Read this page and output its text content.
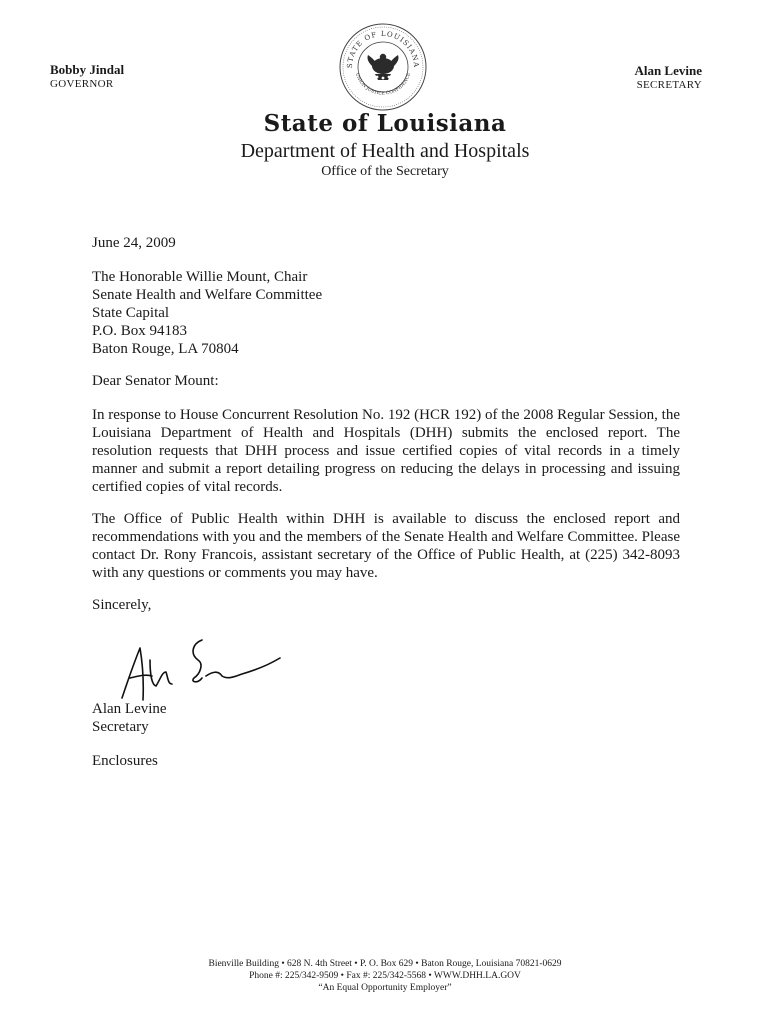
Bobby Jindal
GOVERNOR
STATE OF LOUISIANA
UNION JUSTICE CONFIDENCE	Alan Levine
SECRETARY
State of Louisiana
Department of Health and Hospitals
Office of the Secretary
June 24, 2009
The Honorable Willie Mount, Chair
Senate Health and Welfare Committee
State Capital
P.O. Box 94183
Baton Rouge, LA 70804
Dear Senator Mount:
In response to House Concurrent Resolution No. 192 (HCR 192) of the 2008 Regular Session, the Louisiana Department of Health and Hospitals (DHH) submits the enclosed report. The resolution requests that DHH process and issue certified copies of vital records in a timely manner and submit a report detailing progress on reducing the delays in processing and issuing certified copies of vital records.
The Office of Public Health within DHH is available to discuss the enclosed report and recommendations with you and the members of the Senate Health and Welfare Committee. Please contact Dr. Rony Francois, assistant secretary of the Office of Public Health, at (225) 342-8093 with any questions or comments you may have.
Sincerely,
Alan Levine
Secretary
Enclosures
Bienville Building • 628 N. 4th Street • P. O. Box 629 • Baton Rouge, Louisiana 70821-0629
Phone #: 225/342-9509 • Fax #: 225/342-5568 • WWW.DHH.LA.GOV
“An Equal Opportunity Employer”
